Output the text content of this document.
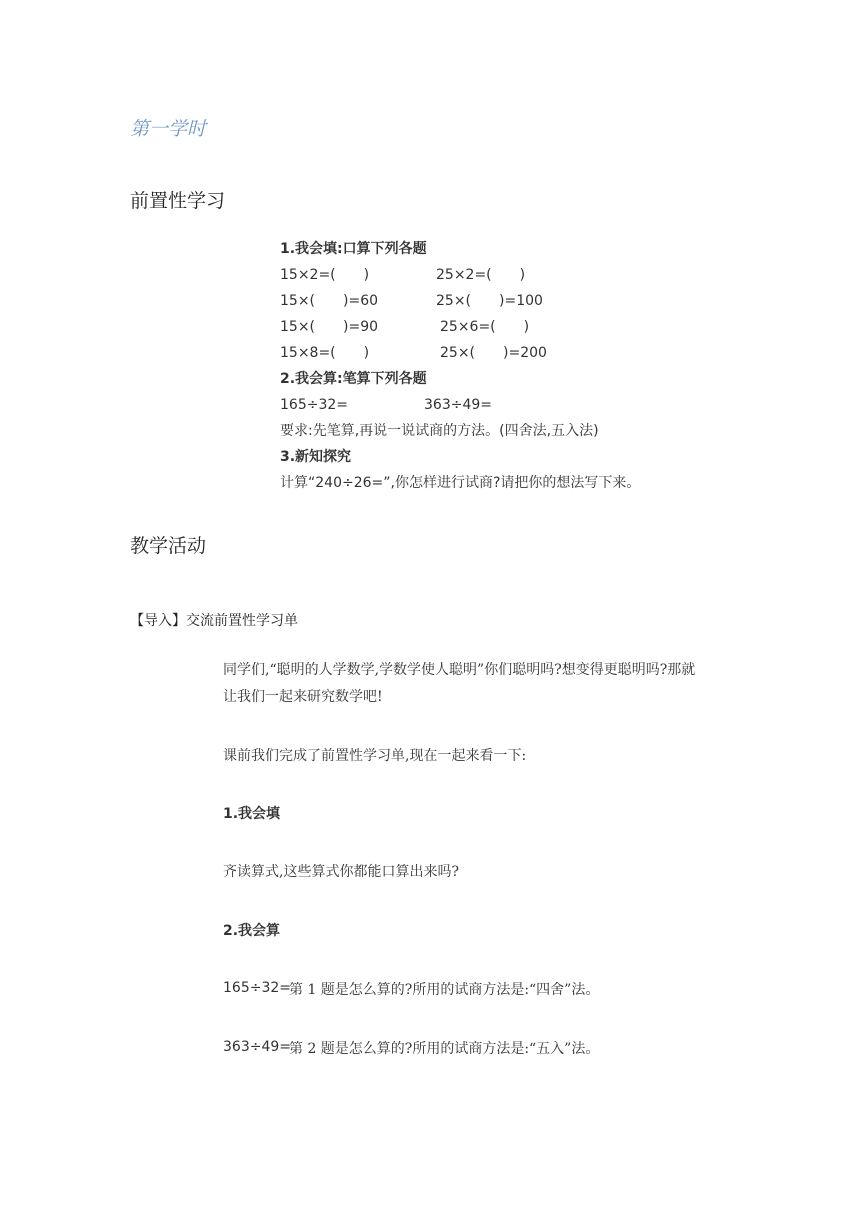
第一学时
前置性学习
1.我会填:口算下列各题
15×2=(　　)	25×2=(　　)
15×(　　)=60	25×(　　)=100
15×(　　)=90	25×6=(　　)
15×8=(　　)	25×(　　)=200
2.我会算:笔算下列各题
165÷32=	363÷49=
要求:先笔算,再说一说试商的方法。(四舍法,五入法)
3.新知探究
计算“240÷26=”,你怎样进行试商?请把你的想法写下来。
教学活动
【导入】交流前置性学习单
同学们,“聪明的人学数学,学数学使人聪明”你们聪明吗?想变得更聪明吗?那就
让我们一起来研究数学吧!
课前我们完成了前置性学习单,现在一起来看一下:
1.我会填
齐读算式,这些算式你都能口算出来吗?
2.我会算
165÷32=
第 1 题是怎么算的?所用的试商方法是:“四舍”法。
363÷49=
第 2 题是怎么算的?所用的试商方法是:“五入”法。
